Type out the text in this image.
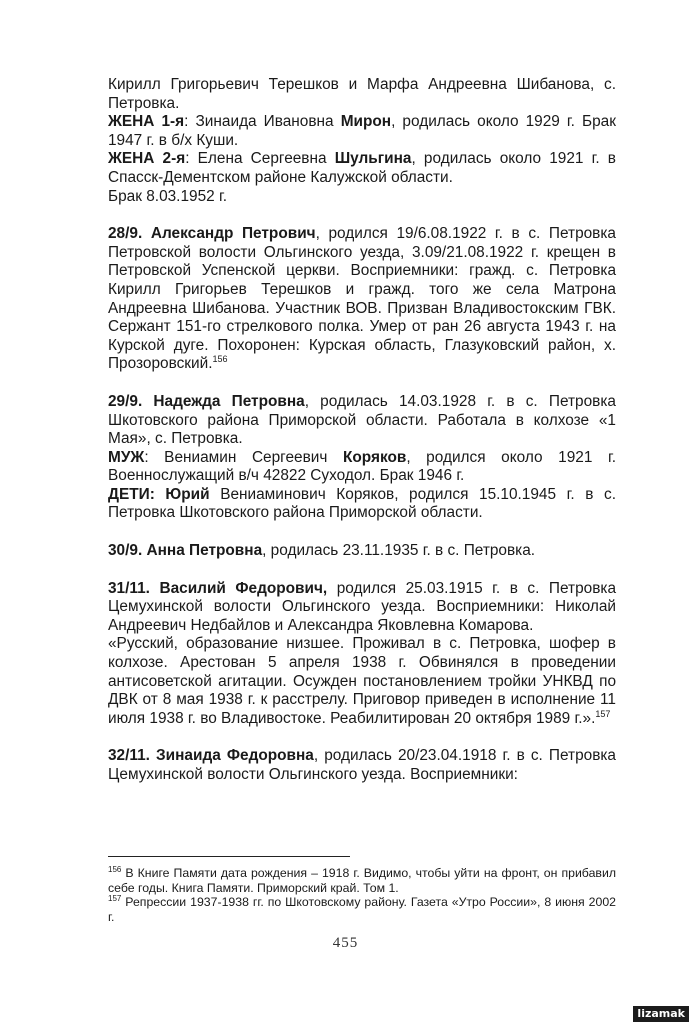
Кирилл Григорьевич Терешков и Марфа Андреевна Шибанова, с. Петровка.

ЖЕНА 1-я: Зинаида Ивановна Мирон, родилась около 1929 г. Брак 1947 г. в б/х Куши.

ЖЕНА 2-я: Елена Сергеевна Шульгина, родилась около 1921 г. в Спасск-Дементском районе Калужской области.

Брак 8.03.1952 г.

28/9. Александр Петрович, родился 19/6.08.1922 г. в с. Петровка Петровской волости Ольгинского уезда, 3.09/21.08.1922 г. крещен в Петровской Успенской церкви. Восприемники: гражд. с. Петровка Кирилл Григорьев Терешков и гражд. того же села Матрона Андреевна Шибанова. Участник ВОВ. Призван Владивостокским ГВК. Сержант 151-го стрелкового полка. Умер от ран 26 августа 1943 г. на Курской дуге. Похоронен: Курская область, Глазуковский район, х. Прозоровский.$^{156}$

29/9. Надежда Петровна, родилась 14.03.1928 г. в с. Петровка Шкотовского района Приморской области. Работала в колхозе «1 Мая», с. Петровка.

МУЖ: Вениамин Сергеевич Коряков, родился около 1921 г. Военнослужащий в/ч 42822 Суходол. Брак 1946 г.

ДЕТИ: Юрий Вениаминович Коряков, родился 15.10.1945 г. в с. Петровка Шкотовского района Приморской области.

30/9. Анна Петровна, родилась 23.11.1935 г. в с. Петровка.

31/11. Василий Федорович, родился 25.03.1915 г. в с. Петровка Цемухинской волости Ольгинского уезда. Восприемники: Николай Андреевич Недбайлов и Александра Яковлевна Комарова.

«Русский, образование низшее. Проживал в с. Петровка, шофер в колхозе. Арестован 5 апреля 1938 г. Обвинялся в проведении антисоветской агитации. Осужден постановлением тройки УНКВД по ДВК от 8 мая 1938 г. к расстрелу. Приговор приведен в исполнение 11 июля 1938 г. во Владивостоке. Реабилитирован 20 октября 1989 г.».$^{157}$

32/11. Зинаида Федоровна, родилась 20/23.04.1918 г. в с. Петровка Цемухинской волости Ольгинского уезда. Восприемники:

$^{156}$ В Книге Памяти дата рождения – 1918 г. Видимо, чтобы уйти на фронт, он прибавил себе годы. Книга Памяти. Приморский край. Том 1.

$^{157}$ Репрессии 1937-1938 гг. по Шкотовскому району. Газета «Утро России», 8 июня 2002 г.

455
lizamak
